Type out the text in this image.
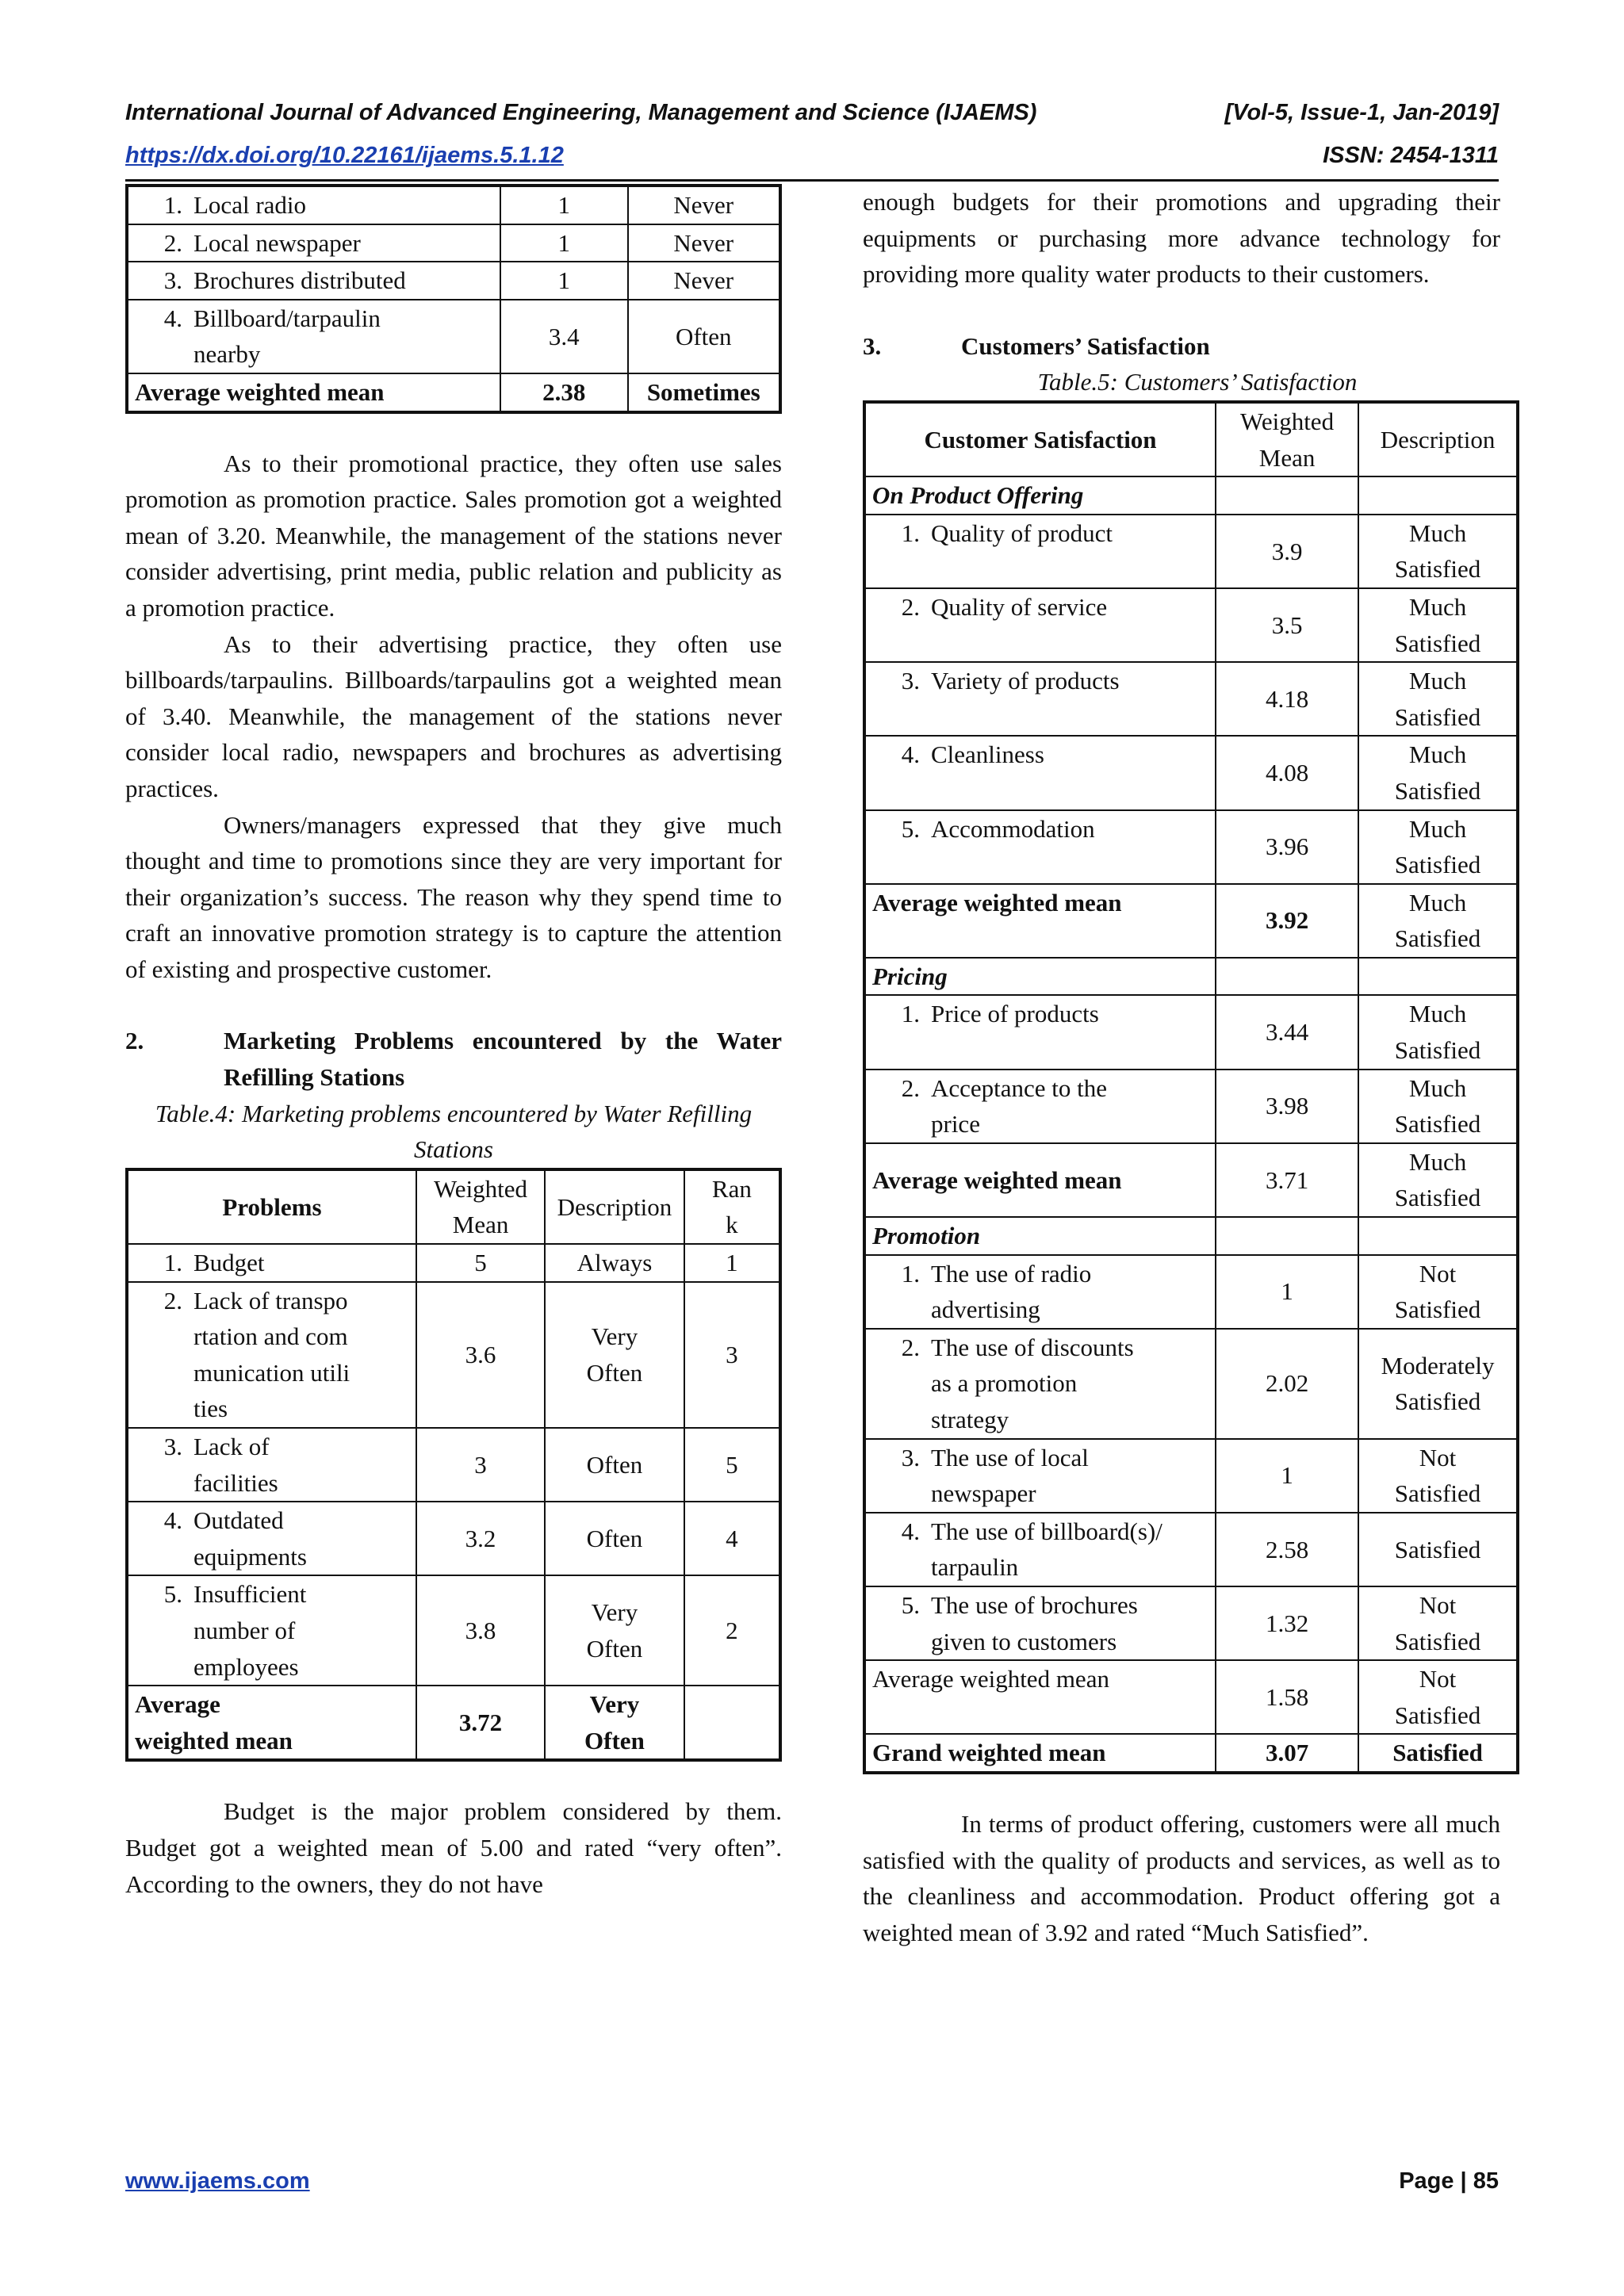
International Journal of Advanced Engineering, Management and Science (IJAEMS)	[Vol-5, Issue-1, Jan-2019]
https://dx.doi.org/10.22161/ijaems.5.1.12	ISSN: 2454-1311
1. Local radio	1	Never

2. Local newspaper	1	Never

3. Brochures distributed	1	Never

4. Billboard/tarpaulin nearby	3.4	Often
Average weighted mean	2.38	Sometimes

As to their promotional practice, they often use sales promotion as promotion practice. Sales promotion got a weighted mean of 3.20. Meanwhile, the management of the stations never consider advertising, print media, public relation and publicity as a promotion practice.

As to their advertising practice, they often use billboards/tarpaulins. Billboards/tarpaulins got a weighted mean of 3.40. Meanwhile, the management of the stations never consider local radio, newspapers and brochures as advertising practices.

Owners/managers expressed that they give much thought and time to promotions since they are very important for their organization’s success. The reason why they spend time to craft an innovative promotion strategy is to capture the attention of existing and prospective customer.

2.	Marketing Problems encountered by the Water Refilling Stations

Table.4: Marketing problems encountered by Water Refilling Stations

Problems	Weighted Mean	Description	Rank

1. Budget	5	Always	1

2. Lack of transportation and communication utilities	3.6	Very Often	3

3. Lack of facilities	3	Often	5

4. Outdated equipments	3.2	Often	4

5. Insufficient number of employees	3.8	Very Often	2
Average weighted mean	3.72	Very Often	

Budget is the major problem considered by them. Budget got a weighted mean of 5.00 and rated “very often”. According to the owners, they do not have

enough budgets for their promotions and upgrading their equipments or purchasing more advance technology for providing more quality water products to their customers.

3.	Customers’ Satisfaction

Table.5: Customers’ Satisfaction

Customer Satisfaction	Weighted Mean	Description
On Product Offering		

1. Quality of product	3.9	Much Satisfied

2. Quality of service	3.5	Much Satisfied

3. Variety of products	4.18	Much Satisfied

4. Cleanliness	4.08	Much Satisfied

5. Accommodation	3.96	Much Satisfied
Average weighted mean	3.92	Much Satisfied
Pricing		

1. Price of products	3.44	Much Satisfied

2. Acceptance to the price	3.98	Much Satisfied
Average weighted mean	3.71	Much Satisfied
Promotion		

1. The use of radio advertising	1	Not Satisfied

2. The use of discounts as a promotion strategy	2.02	Moderately Satisfied

3. The use of local newspaper	1	Not Satisfied

4. The use of billboard(s)/tarpaulin	2.58	Satisfied

5. The use of brochures given to customers	1.32	Not Satisfied
Average weighted mean	1.58	Not Satisfied
Grand weighted mean	3.07	Satisfied

In terms of product offering, customers were all much satisfied with the quality of products and services, as well as to the cleanliness and accommodation. Product offering got a weighted mean of 3.92 and rated “Much Satisfied”.

www.ijaems.com	Page | 85
